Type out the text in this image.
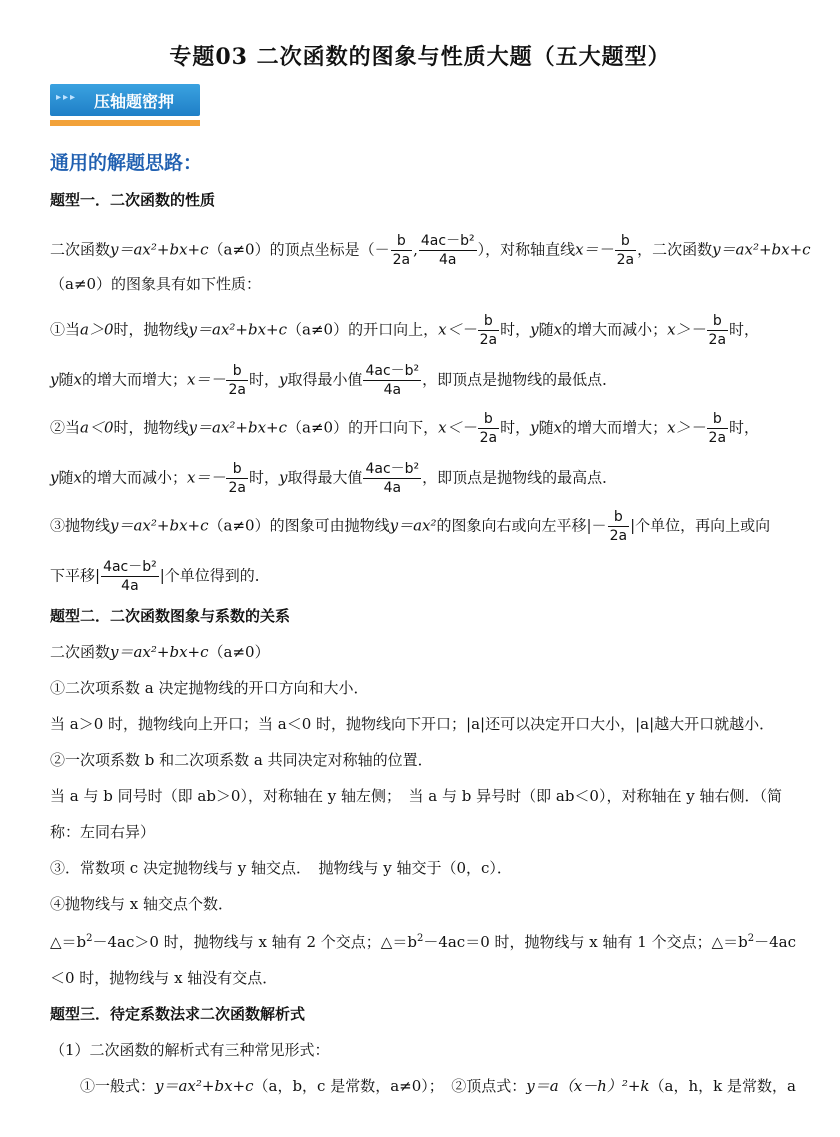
专题03 二次函数的图象与性质大题（五大题型）
▸▸▸ 压轴题密押
通用的解题思路：
题型一．二次函数的性质
二次函数y＝ax²+bx+c（a≠0）的顶点坐标是（－ $\frac{b}{2a}$ , $\frac{\text{4ac－b²}}{4a}$ ），对称轴直线$x=- \frac{b}{2a}$ ，二次函数y＝ax²+bx+c
（a≠0）的图象具有如下性质：
①当a＞0时，抛物线y＝ax²+bx+c（a≠0）的开口向上，$x<- \frac{b}{2a}$ 时，y随x的增大而减小；$x>- \frac{b}{2a}$ 时，
y随x的增大而增大；$x=- \frac{b}{2a}$ 时，y取得最小值 $\frac{\text{4ac－b²}}{4a}$ ，即顶点是抛物线的最低点．
②当a＜0时，抛物线y＝ax²+bx+c（a≠0）的开口向下，$x<- \frac{b}{2a}$ 时，y随x的增大而增大；$x>- \frac{b}{2a}$ 时，
y随x的增大而减小；$x=- \frac{b}{2a}$ 时，y取得最大值 $\frac{\text{4ac－b²}}{4a}$ ，即顶点是抛物线的最高点．
③抛物线y＝ax²+bx+c（a≠0）的图象可由抛物线y＝ax²的图象向右或向左平移|－ $\frac{b}{2a}$ |个单位，再向上或向
下平移| $\frac{\text{4ac－b²}}{4a}$ |个单位得到的．
题型二．二次函数图象与系数的关系
二次函数y＝ax²+bx+c（a≠0）
①二次项系数 a 决定抛物线的开口方向和大小．
当 a＞0 时，抛物线向上开口；当 a＜0 时，抛物线向下开口；|a|还可以决定开口大小，|a|越大开口就越小．
②一次项系数 b 和二次项系数 a 共同决定对称轴的位置．
当 a 与 b 同号时（即 ab＞0），对称轴在 y 轴左侧；　当 a 与 b 异号时（即 ab＜0），对称轴在 y 轴右侧．（简
称：左同右异）
③．常数项 c 决定抛物线与 y 轴交点．　抛物线与 y 轴交于（0，c）．
④抛物线与 x 轴交点个数．
$\triangle=b^2-4ac>0$ 时，抛物线与 x 轴有 2 个交点；$\triangle=b^2-4ac=0$ 时，抛物线与 x 轴有 1 个交点；$\triangle=b^2-4ac$
＜0 时，抛物线与 x 轴没有交点．
题型三．待定系数法求二次函数解析式
（1）二次函数的解析式有三种常见形式：
①一般式：y＝ax²+bx+c（a，b，c 是常数，a≠0）；　②顶点式：y＝a（x－h）²+k（a，h，k 是常数，a
